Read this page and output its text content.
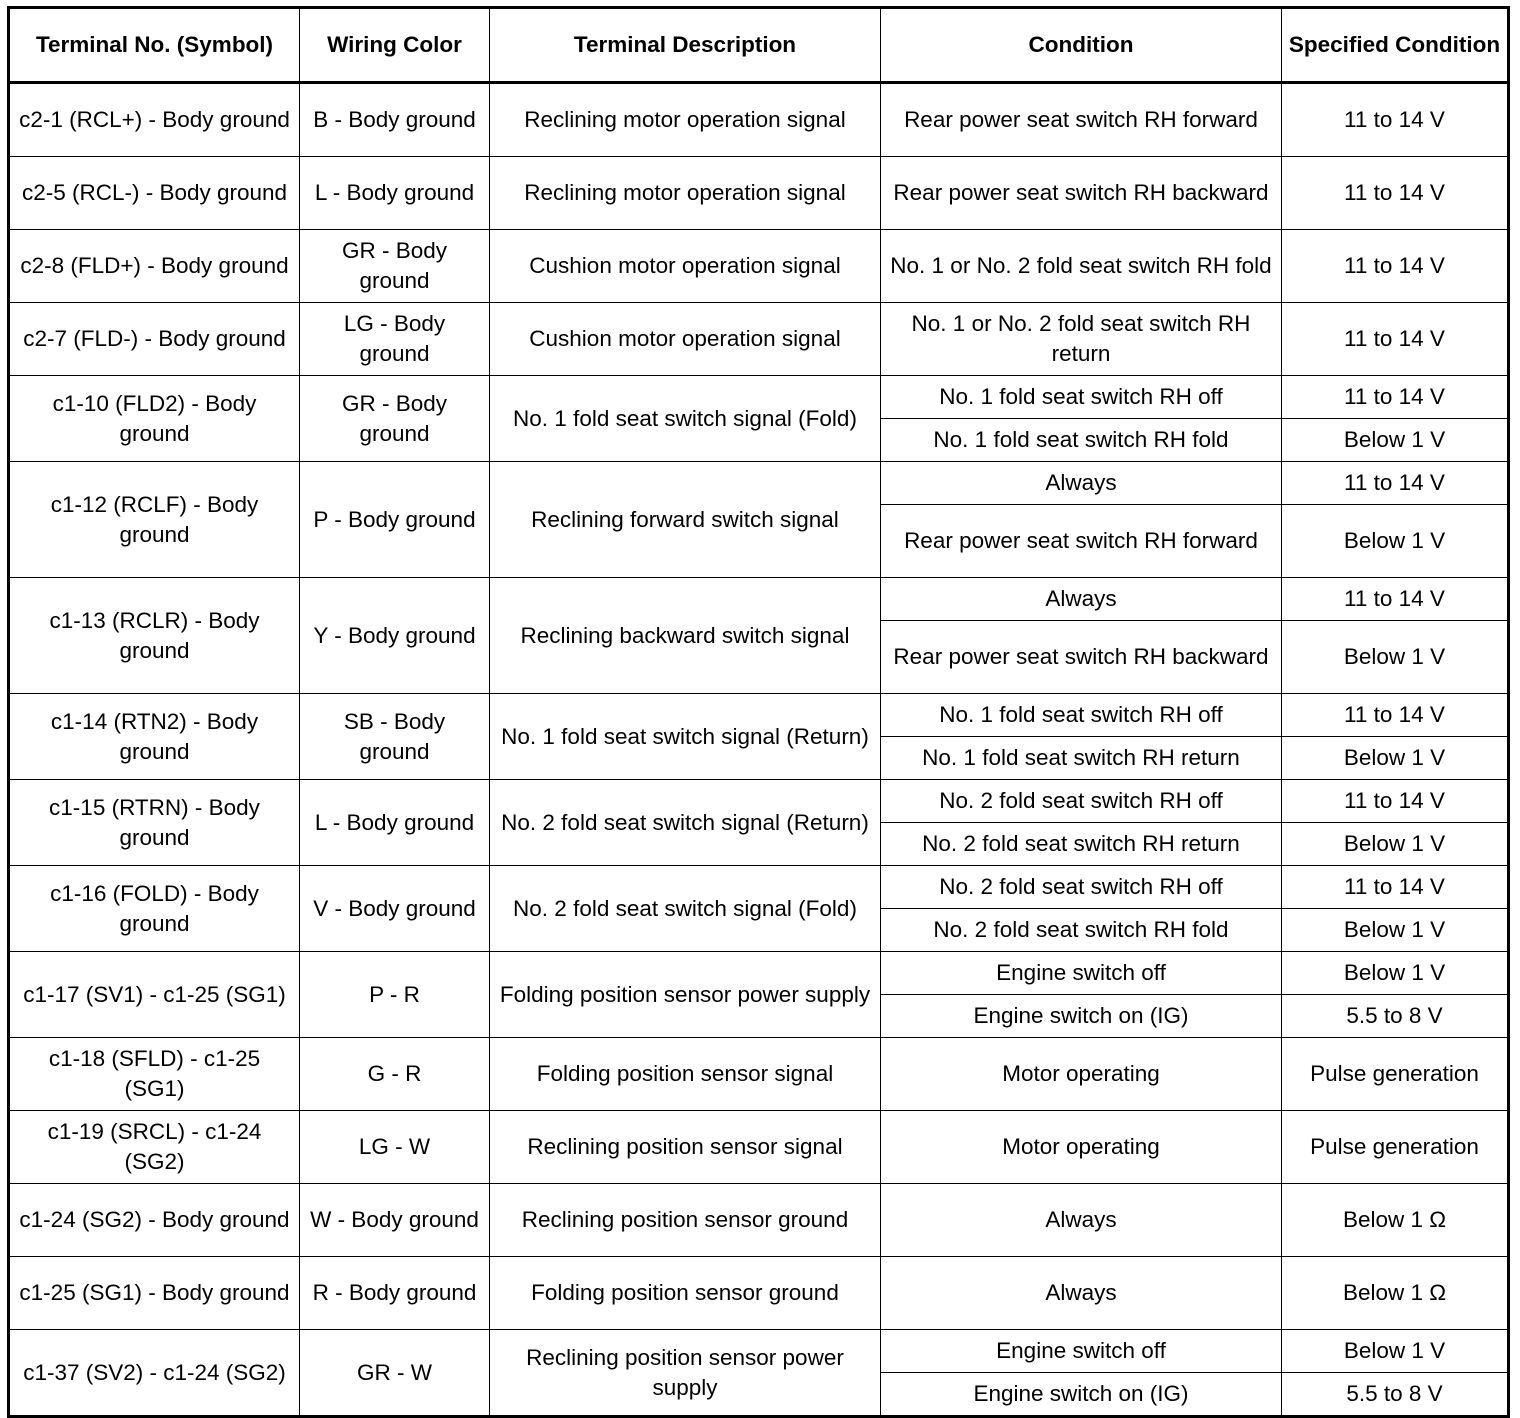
Terminal No. (Symbol)	Wiring Color	Terminal Description	Condition	Specified Condition
c2-1 (RCL+) - Body ground	B - Body ground	Reclining motor operation signal	Rear power seat switch RH forward	11 to 14 V
c2-5 (RCL-) - Body ground	L - Body ground	Reclining motor operation signal	Rear power seat switch RH backward	11 to 14 V
c2-8 (FLD+) - Body ground	GR - Body ground	Cushion motor operation signal	No. 1 or No. 2 fold seat switch RH fold	11 to 14 V
c2-7 (FLD-) - Body ground	LG - Body ground	Cushion motor operation signal	No. 1 or No. 2 fold seat switch RH return	11 to 14 V
c1-10 (FLD2) - Body ground	GR - Body ground	No. 1 fold seat switch signal (Fold)	No. 1 fold seat switch RH off	11 to 14 V
			No. 1 fold seat switch RH fold	Below 1 V
c1-12 (RCLF) - Body ground	P - Body ground	Reclining forward switch signal	Always	11 to 14 V
			Rear power seat switch RH forward	Below 1 V
c1-13 (RCLR) - Body ground	Y - Body ground	Reclining backward switch signal	Always	11 to 14 V
			Rear power seat switch RH backward	Below 1 V
c1-14 (RTN2) - Body ground	SB - Body ground	No. 1 fold seat switch signal (Return)	No. 1 fold seat switch RH off	11 to 14 V
			No. 1 fold seat switch RH return	Below 1 V
c1-15 (RTRN) - Body ground	L - Body ground	No. 2 fold seat switch signal (Return)	No. 2 fold seat switch RH off	11 to 14 V
			No. 2 fold seat switch RH return	Below 1 V
c1-16 (FOLD) - Body ground	V - Body ground	No. 2 fold seat switch signal (Fold)	No. 2 fold seat switch RH off	11 to 14 V
			No. 2 fold seat switch RH fold	Below 1 V
c1-17 (SV1) - c1-25 (SG1)	P - R	Folding position sensor power supply	Engine switch off	Below 1 V
			Engine switch on (IG)	5.5 to 8 V
c1-18 (SFLD) - c1-25 (SG1)	G - R	Folding position sensor signal	Motor operating	Pulse generation
c1-19 (SRCL) - c1-24 (SG2)	LG - W	Reclining position sensor signal	Motor operating	Pulse generation
c1-24 (SG2) - Body ground	W - Body ground	Reclining position sensor ground	Always	Below 1 Ω
c1-25 (SG1) - Body ground	R - Body ground	Folding position sensor ground	Always	Below 1 Ω
c1-37 (SV2) - c1-24 (SG2)	GR - W	Reclining position sensor power supply	Engine switch off	Below 1 V
			Engine switch on (IG)	5.5 to 8 V
